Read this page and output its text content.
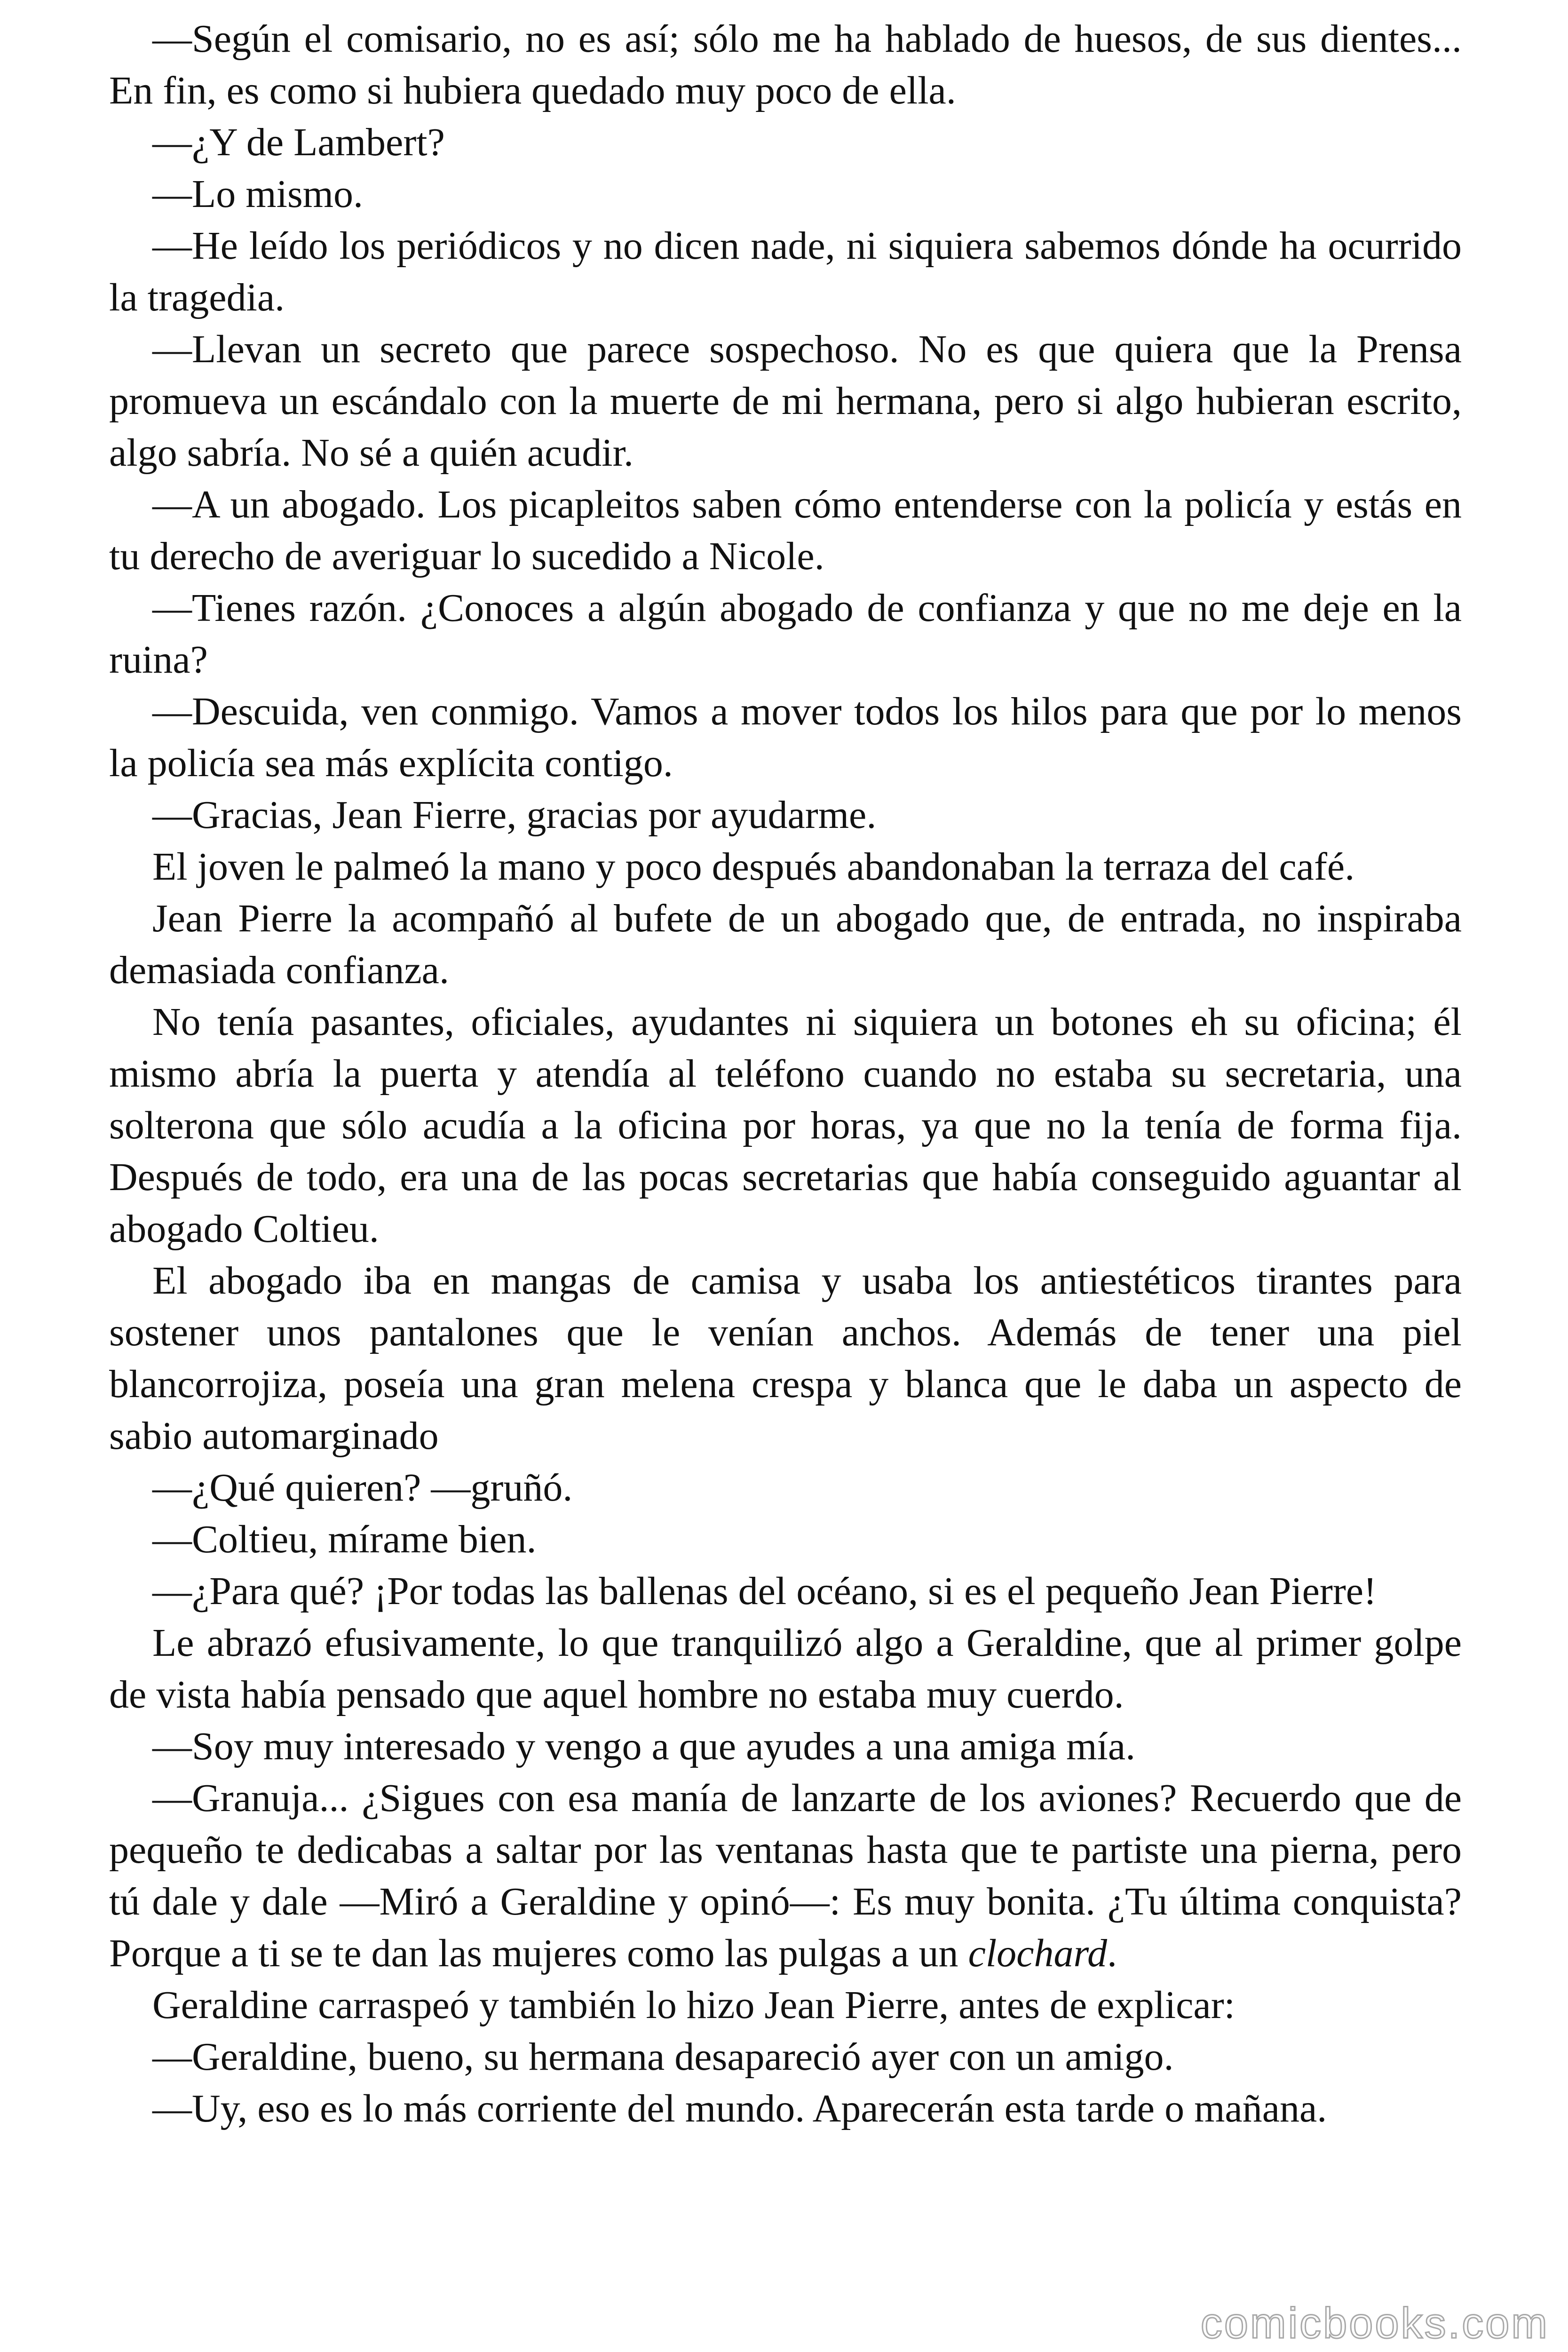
—Según el comisario, no es así; sólo me ha hablado de huesos, de sus dientes... En fin, es como si hubiera quedado muy poco de ella.

—¿Y de Lambert?

—Lo mismo.

—He leído los periódicos y no dicen nade, ni siquiera sabemos dónde ha ocurrido la tragedia.

—Llevan un secreto que parece sospechoso. No es que quiera que la Prensa promueva un escándalo con la muerte de mi hermana, pero si algo hubieran escrito, algo sabría. No sé a quién acudir.

—A un abogado. Los picapleitos saben cómo entenderse con la policía y estás en tu derecho de averiguar lo sucedido a Nicole.

—Tienes razón. ¿Conoces a algún abogado de confianza y que no me deje en la ruina?

—Descuida, ven conmigo. Vamos a mover todos los hilos para que por lo menos la policía sea más explícita contigo.

—Gracias, Jean Fierre, gracias por ayudarme.

El joven le palmeó la mano y poco después abandonaban la terraza del café.

Jean Pierre la acompañó al bufete de un abogado que, de entrada, no inspiraba demasiada confianza.

No tenía pasantes, oficiales, ayudantes ni siquiera un botones eh su oficina; él mismo abría la puerta y atendía al teléfono cuando no estaba su secretaria, una solterona que sólo acudía a la oficina por horas, ya que no la tenía de forma fija. Después de todo, era una de las pocas secretarias que había conseguido aguantar al abogado Coltieu.

El abogado iba en mangas de camisa y usaba los antiestéticos tirantes para sostener unos pantalones que le venían anchos. Además de tener una piel blancorrojiza, poseía una gran melena crespa y blanca que le daba un aspecto de sabio automarginado

—¿Qué quieren? —gruñó.

—Coltieu, mírame bien.

—¿Para qué? ¡Por todas las ballenas del océano, si es el pequeño Jean Pierre!

Le abrazó efusivamente, lo que tranquilizó algo a Geraldine, que al primer golpe de vista había pensado que aquel hombre no estaba muy cuerdo.

—Soy muy interesado y vengo a que ayudes a una amiga mía.

—Granuja... ¿Sigues con esa manía de lanzarte de los aviones? Recuerdo que de pequeño te dedicabas a saltar por las ventanas hasta que te partiste una pierna, pero tú dale y dale —Miró a Geraldine y opinó—: Es muy bonita. ¿Tu última conquista? Porque a ti se te dan las mujeres como las pulgas a un clochard.

Geraldine carraspeó y también lo hizo Jean Pierre, antes de explicar:

—Geraldine, bueno, su hermana desapareció ayer con un amigo.

—Uy, eso es lo más corriente del mundo. Aparecerán esta tarde o mañana.

comicbooks.com
